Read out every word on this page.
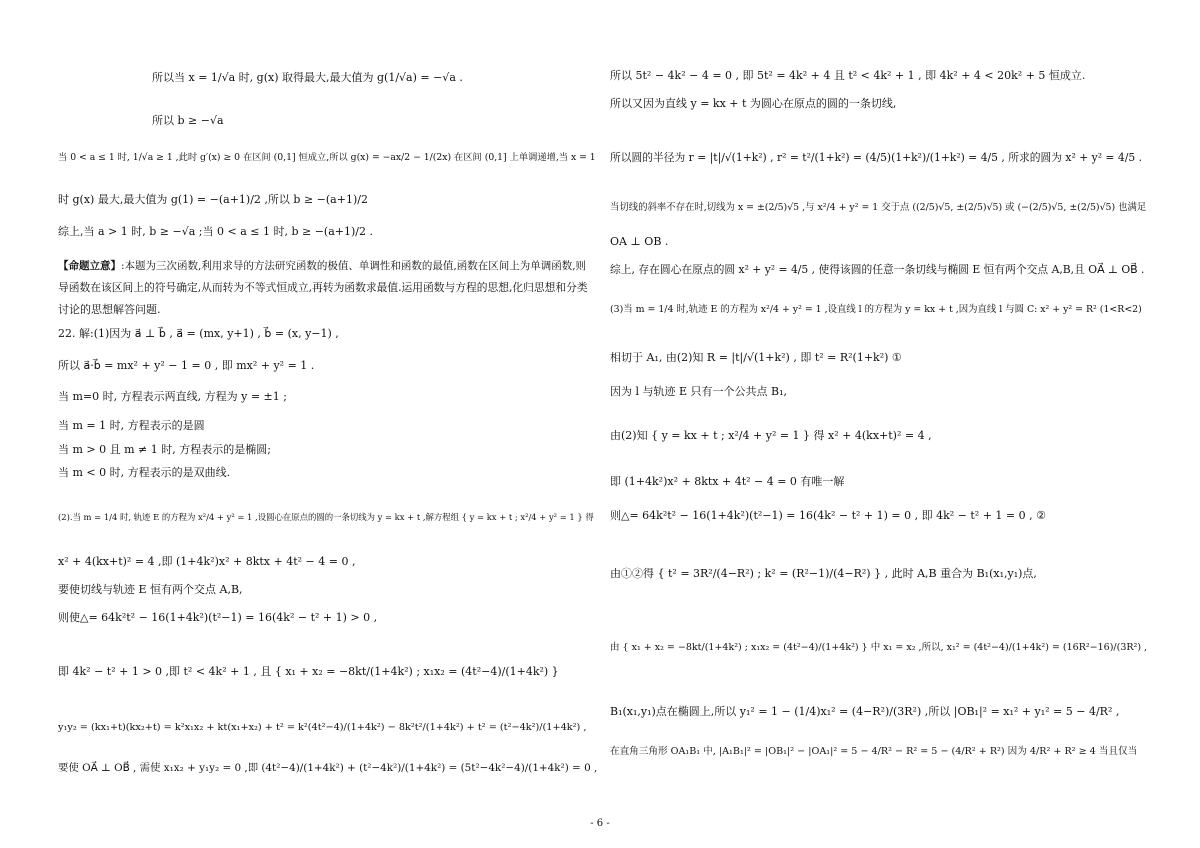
所以当 x = 1/√a 时, g(x) 取得最大,最大值为 g(1/√a) = −√a .
所以 b ≥ −√a
当 0 < a ≤ 1 时, 1/√a ≥ 1 ,此时 g′(x) ≥ 0 在区间 (0,1] 恒成立,所以 g(x) = −ax/2 − 1/(2x) 在区间 (0,1] 上单调递增,当 x = 1
时 g(x) 最大,最大值为 g(1) = −(a+1)/2 ,所以 b ≥ −(a+1)/2
综上,当 a > 1 时, b ≥ −√a ;当 0 < a ≤ 1 时, b ≥ −(a+1)/2 .
【命题立意】:本题为三次函数,利用求导的方法研究函数的极值、单调性和函数的最值,函数在区间上为单调函数,则
导函数在该区间上的符号确定,从而转为不等式恒成立,再转为函数求最值.运用函数与方程的思想,化归思想和分类
讨论的思想解答问题.
22. 解:(1)因为 a⃗ ⊥ b⃗ , a⃗ = (mx, y+1) , b⃗ = (x, y−1) ,
所以 a⃗·b⃗ = mx² + y² − 1 = 0 , 即 mx² + y² = 1 .
当 m=0 时, 方程表示两直线, 方程为 y = ±1 ;
当 m = 1 时, 方程表示的是圆
当 m > 0 且 m ≠ 1 时, 方程表示的是椭圆;
当 m < 0 时, 方程表示的是双曲线.
(2).当 m = 1/4 时, 轨迹 E 的方程为 x²/4 + y² = 1 ,设圆心在原点的圆的一条切线为 y = kx + t ,解方程组 { y = kx + t ; x²/4 + y² = 1 } 得
x² + 4(kx+t)² = 4 ,即 (1+4k²)x² + 8ktx + 4t² − 4 = 0 ,
要使切线与轨迹 E 恒有两个交点 A,B,
则使△= 64k²t² − 16(1+4k²)(t²−1) = 16(4k² − t² + 1) > 0 ,
即 4k² − t² + 1 > 0 ,即 t² < 4k² + 1 , 且 { x₁ + x₂ = −8kt/(1+4k²) ; x₁x₂ = (4t²−4)/(1+4k²) }
y₁y₂ = (kx₁+t)(kx₂+t) = k²x₁x₂ + kt(x₁+x₂) + t² = k²(4t²−4)/(1+4k²) − 8k²t²/(1+4k²) + t² = (t²−4k²)/(1+4k²) ,
要使 OA⃗ ⊥ OB⃗ , 需使 x₁x₂ + y₁y₂ = 0 ,即 (4t²−4)/(1+4k²) + (t²−4k²)/(1+4k²) = (5t²−4k²−4)/(1+4k²) = 0 ,
所以 5t² − 4k² − 4 = 0 , 即 5t² = 4k² + 4 且 t² < 4k² + 1 , 即 4k² + 4 < 20k² + 5 恒成立.
所以又因为直线 y = kx + t 为圆心在原点的圆的一条切线,
所以圆的半径为 r = |t|/√(1+k²) , r² = t²/(1+k²) = (4/5)(1+k²)/(1+k²) = 4/5 , 所求的圆为 x² + y² = 4/5 .
当切线的斜率不存在时,切线为 x = ±(2/5)√5 ,与 x²/4 + y² = 1 交于点 ((2/5)√5, ±(2/5)√5) 或 (−(2/5)√5, ±(2/5)√5) 也满足
OA ⊥ OB .
综上, 存在圆心在原点的圆 x² + y² = 4/5 , 使得该圆的任意一条切线与椭圆 E 恒有两个交点 A,B,且 OA⃗ ⊥ OB⃗ .
(3)当 m = 1/4 时,轨迹 E 的方程为 x²/4 + y² = 1 ,设直线 l 的方程为 y = kx + t ,因为直线 l 与圆 C: x² + y² = R² (1<R<2)
相切于 A₁, 由(2)知 R = |t|/√(1+k²) , 即 t² = R²(1+k²) ①
因为 l 与轨迹 E 只有一个公共点 B₁,
由(2)知 { y = kx + t ; x²/4 + y² = 1 } 得 x² + 4(kx+t)² = 4 ,
即 (1+4k²)x² + 8ktx + 4t² − 4 = 0 有唯一解
则△= 64k²t² − 16(1+4k²)(t²−1) = 16(4k² − t² + 1) = 0 , 即 4k² − t² + 1 = 0 , ②
由①②得 { t² = 3R²/(4−R²) ; k² = (R²−1)/(4−R²) } , 此时 A,B 重合为 B₁(x₁,y₁)点,
由 { x₁ + x₂ = −8kt/(1+4k²) ; x₁x₂ = (4t²−4)/(1+4k²) } 中 x₁ = x₂ ,所以, x₁² = (4t²−4)/(1+4k²) = (16R²−16)/(3R²) ,
B₁(x₁,y₁)点在椭圆上,所以 y₁² = 1 − (1/4)x₁² = (4−R²)/(3R²) ,所以 |OB₁|² = x₁² + y₁² = 5 − 4/R² ,
在直角三角形 OA₁B₁ 中, |A₁B₁|² = |OB₁|² − |OA₁|² = 5 − 4/R² − R² = 5 − (4/R² + R²) 因为 4/R² + R² ≥ 4 当且仅当
- 6 -
